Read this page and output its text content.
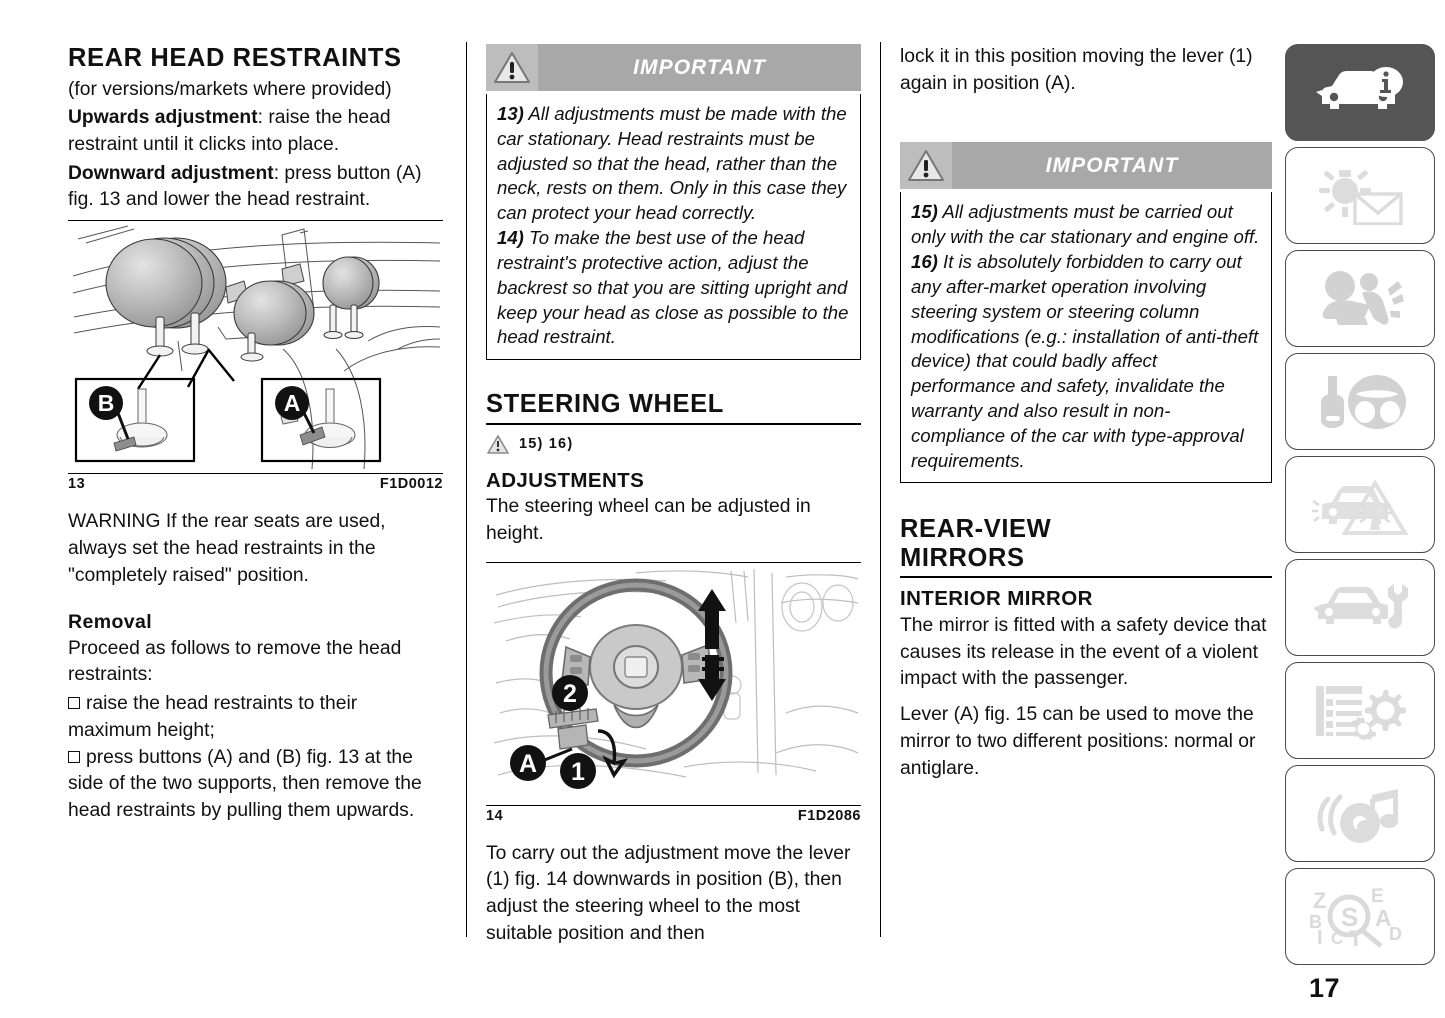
REAR HEAD RESTRAINTS

(for versions/markets where provided)

Upwards adjustment: raise the head restraint until it clicks into place.

Downward adjustment: press button (A) fig. 13 and lower the head restraint.

B	A
13	F1D0012

WARNING If the rear seats are used, always set the head restraints in the "completely raised" position.

Removal

Proceed as follows to remove the head restraints:

raise the head restraints to their maximum height;
press buttons (A) and (B) fig. 13 at the side of the two supports, then remove the head restraints by pulling them upwards.
IMPORTANT

13) All adjustments must be made with the car stationary. Head restraints must be adjusted so that the head, rather than the neck, rests on them. Only in this case they can protect your head correctly.

14) To make the best use of the head restraint's protective action, adjust the backrest so that you are sitting upright and keep your head as close as possible to the head restraint.

STEERING WHEEL
15) 16)
ADJUSTMENTS

The steering wheel can be adjusted in height.

2
A 1
14	F1D2086

To carry out the adjustment move the lever (1) fig. 14 downwards in position (B), then adjust the steering wheel to the most suitable position and then

lock it in this position moving the lever (1) again in position (A).

IMPORTANT

15) All adjustments must be carried out only with the car stationary and engine off.

16) It is absolutely forbidden to carry out any after-market operation involving steering system or steering column modifications (e.g.: installation of anti-theft device) that could badly affect performance and safety, invalidate the warranty and also result in non-compliance of the car with type-approval requirements.

REAR-VIEW
MIRRORS
INTERIOR MIRROR

The mirror is fitted with a safety device that causes its release in the event of a violent impact with the passenger.

Lever (A) fig. 15 can be used to move the mirror to two different positions: normal or antiglare.

Z
B
I C T
E
A
D
S
17
